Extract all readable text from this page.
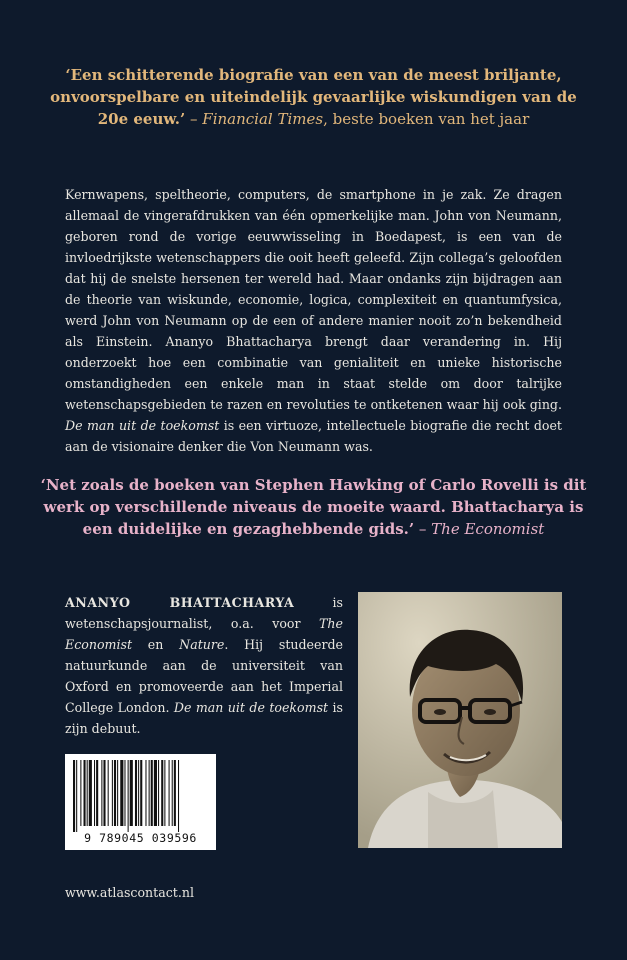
‘Een schitterende biografie van een van de meest briljante, onvoorspelbare en uiteindelijk gevaarlijke wiskundigen van de 20e eeuw.’ – Financial Times, beste boeken van het jaar

Kernwapens, speltheorie, computers, de smartphone in je zak. Ze dragen allemaal de vingerafdrukken van één opmerkelijke man. John von Neumann, geboren rond de vorige eeuwwisseling in Boedapest, is een van de invloedrijkste wetenschappers die ooit heeft geleefd. Zijn collega’s geloofden dat hij de snelste hersenen ter wereld had. Maar ondanks zijn bijdragen aan de theorie van wiskunde, economie, logica, complexiteit en quantumfysica, werd John von Neumann op de een of andere manier nooit zo’n bekendheid als Einstein. Ananyo Bhattacharya brengt daar verandering in. Hij onderzoekt hoe een combinatie van genialiteit en unieke historische omstandigheden een enkele man in staat stelde om door talrijke wetenschapsgebieden te razen en revoluties te ontketenen waar hij ook ging. De man uit de toekomst is een virtuoze, intellectuele biografie die recht doet aan de visionaire denker die Von Neumann was.

‘Net zoals de boeken van Stephen Hawking of Carlo Rovelli is dit werk op verschillende niveaus de moeite waard. Bhattacharya is een duidelijke en gezaghebbende gids.’ – The Economist

ANANYO BHATTACHARYA is wetenschapsjournalist, o.a. voor The Economist en Nature. Hij studeerde natuurkunde aan de universiteit van Oxford en promoveerde aan het Imperial College London. De man uit de toekomst is zijn debuut.

9 789045 039596
www.atlascontact.nl
